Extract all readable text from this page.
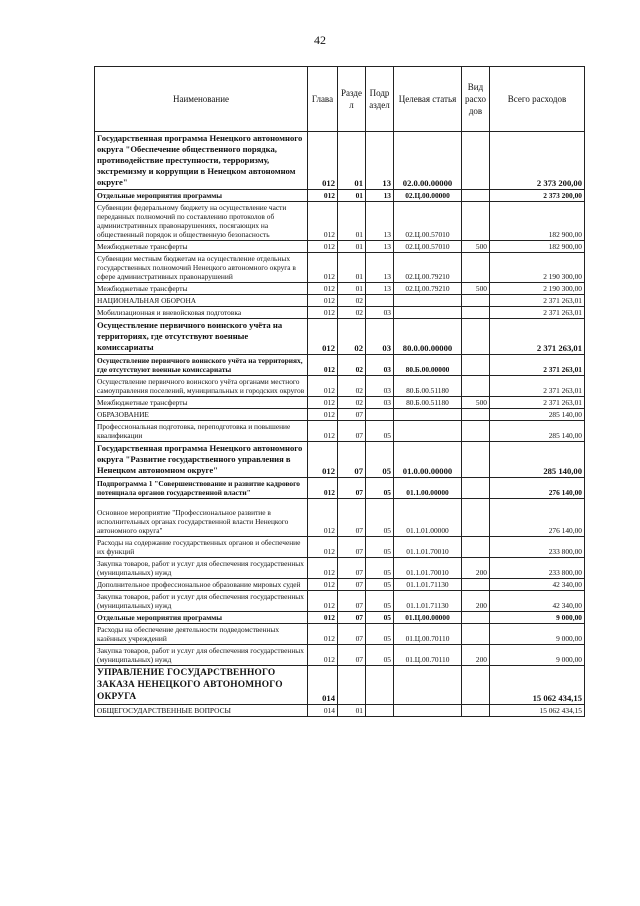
42
Наименование	Глава	Разде л	Подр аздел	Целевая статья	Вид расхо дов	Всего расходов
Государственная программа Ненецкого автономного округа "Обеспечение общественного порядка, противодействие преступности, терроризму, экстремизму и коррупции в Ненецком автономном округе"	012	01	13	02.0.00.00000		2 373 200,00
Отдельные мероприятия программы	012	01	13	02.Ц.00.00000		2 373 200,00
Субвенции федеральному бюджету на осуществление части переданных полномочий по составлению протоколов об административных правонарушениях, посягающих на общественный порядок и общественную безопасность	012	01	13	02.Ц.00.57010		182 900,00
Межбюджетные трансферты	012	01	13	02.Ц.00.57010	500	182 900,00
Субвенции местным бюджетам на осуществление отдельных государственных полномочий Ненецкого автономного округа в сфере административных правонарушений	012	01	13	02.Ц.00.79210		2 190 300,00
Межбюджетные трансферты	012	01	13	02.Ц.00.79210	500	2 190 300,00
НАЦИОНАЛЬНАЯ ОБОРОНА	012	02				2 371 263,01
Мобилизационная и вневойсковая подготовка	012	02	03			2 371 263,01
Осуществление первичного воинского учёта на территориях, где отсутствуют военные комиссариаты	012	02	03	80.0.00.00000		2 371 263,01
Осуществление первичного воинского учёта на территориях, где отсутствуют военные комиссариаты	012	02	03	80.Б.00.00000		2 371 263,01
Осуществление первичного воинского учёта органами местного самоуправления поселений, муниципальных и городских округов	012	02	03	80.Б.00.51180		2 371 263,01
Межбюджетные трансферты	012	02	03	80.Б.00.51180	500	2 371 263,01
ОБРАЗОВАНИЕ	012	07				285 140,00
Профессиональная подготовка, переподготовка и повышение квалификации	012	07	05			285 140,00
Государственная программа Ненецкого автономного округа "Развитие государственного управления в Ненецком автономном округе"	012	07	05	01.0.00.00000		285 140,00
Подпрограмма 1 "Совершенствование и развитие кадрового потенциала органов государственной власти"	012	07	05	01.1.00.00000		276 140,00
Основное мероприятие "Профессиональное развитие в исполнительных органах государственной власти Ненецкого автономного округа"	012	07	05	01.1.01.00000		276 140,00
Расходы на содержание государственных органов и обеспечение их функций	012	07	05	01.1.01.70010		233 800,00
Закупка товаров, работ и услуг для обеспечения государственных (муниципальных) нужд	012	07	05	01.1.01.70010	200	233 800,00
Дополнительное профессиональное образование мировых судей	012	07	05	01.1.01.71130		42 340,00
Закупка товаров, работ и услуг для обеспечения государственных (муниципальных) нужд	012	07	05	01.1.01.71130	200	42 340,00
Отдельные мероприятия программы	012	07	05	01.Ц.00.00000		9 000,00
Расходы на обеспечение деятельности подведомственных казённых учреждений	012	07	05	01.Ц.00.70110		9 000,00
Закупка товаров, работ и услуг для обеспечения государственных (муниципальных) нужд	012	07	05	01.Ц.00.70110	200	9 000,00
УПРАВЛЕНИЕ ГОСУДАРСТВЕННОГО ЗАКАЗА НЕНЕЦКОГО АВТОНОМНОГО ОКРУГА	014					15 062 434,15
ОБЩЕГОСУДАРСТВЕННЫЕ ВОПРОСЫ	014	01				15 062 434,15
